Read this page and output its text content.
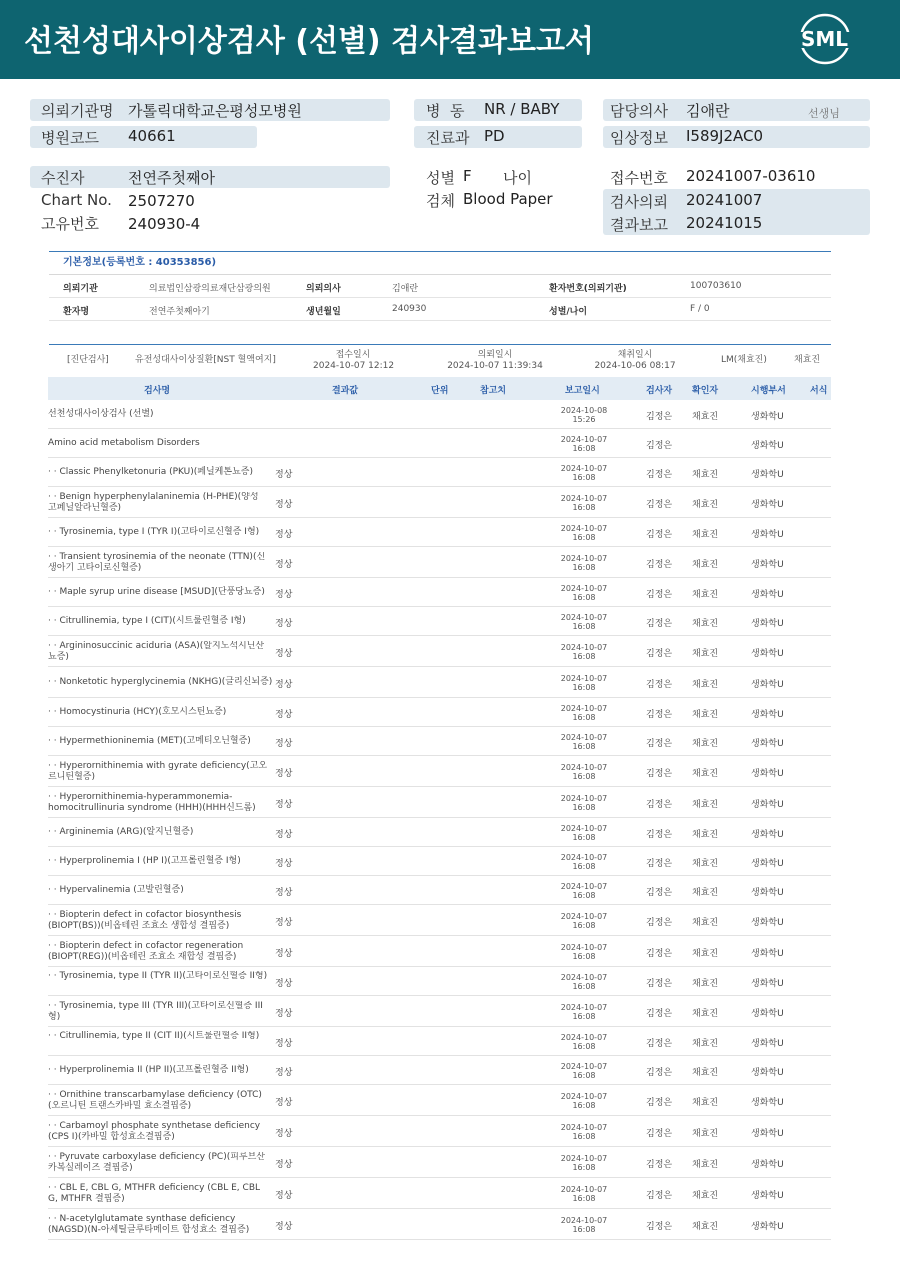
선천성대사이상검사 (선별) 검사결과보고서	SML
의뢰기관명 가톨릭대학교은평성모병원
병원코드 40661
병  동 NR / BABY
진료과 PD
담당의사 김애란	선생님
임상정보 I589J2AC0
수진자	전연주첫째아
Chart No. 2507270
고유번호 240930-4
성별 F 나이
검체 Blood Paper
접수번호 20241007-03610
검사의뢰 20241007
결과보고 20241015
기본정보(등록번호 : 40353856)
의뢰기관	의료법인삼광의료재단삼광의원	의뢰의사	김애란	환자번호(의뢰기관)	100703610
환자명	전연주첫째아기	생년월일	240930	성별/나이	F / 0
[진단검사]	유전성대사이상질환[NST 혈액여지]	접수일시
2024-10-07 12:12
의뢰일시
2024-10-07 11:39:34
채취일시
2024-10-06 08:17
LM(채효진)	채효진
검사명	결과값	단위	참고치	보고일시	검사자 확인자	시행부서	서식
선천성대사이상검사 (선별)	2024-10-08
15:26	김정은 채효진	생화학U
Amino acid metabolism Disorders	2024-10-07
16:08	김정은	생화학U
· · Classic Phenylketonuria (PKU)(페닐케톤뇨증)	정상
2024-10-07
16:08	김정은 채효진	생화학U
· · Benign hyperphenylalaninemia (H-PHE)(양성 고페닐알라닌혈증)	정상
2024-10-07
16:08	김정은 채효진	생화학U
· · Tyrosinemia, type I (TYR I)(고타이로신혈증 I형)	정상
2024-10-07
16:08	김정은 채효진	생화학U
· · Transient tyrosinemia of the neonate (TTN)(신생아기 고타이로신혈증)	정상
2024-10-07
16:08	김정은 채효진	생화학U
· · Maple syrup urine disease [MSUD](단풍당뇨증)	정상
2024-10-07
16:08	김정은 채효진	생화학U
· · Citrullinemia, type I (CIT)(시트룰린혈증 I형)	정상
2024-10-07
16:08	김정은 채효진	생화학U
· · Argininosuccinic aciduria (ASA)(알지노석시닌산뇨증)	정상
2024-10-07
16:08	김정은 채효진	생화학U
· · Nonketotic hyperglycinemia (NKHG)(글리신뇌증) 정상
2024-10-07
16:08	김정은 채효진	생화학U
· · Homocystinuria (HCY)(호모시스틴뇨증)	정상
2024-10-07
16:08	김정은 채효진	생화학U
· · Hypermethioninemia (MET)(고메티오닌혈증)	정상
2024-10-07
16:08	김정은 채효진	생화학U
· · Hyperornithinemia with gyrate deficiency(고오르니틴혈증)	정상
2024-10-07
16:08	김정은 채효진	생화학U
· · Hyperornithinemia-hyperammonemia-homocitrullinuria syndrome (HHH)(HHH신드롬)	정상
2024-10-07
16:08	김정은 채효진	생화학U
· · Argininemia (ARG)(알지닌혈증)	정상
2024-10-07
16:08	김정은 채효진	생화학U
· · Hyperprolinemia I (HP I)(고프롤린혈증 I형)	정상
2024-10-07
16:08	김정은 채효진	생화학U
· · Hypervalinemia (고발린혈증)	정상
2024-10-07
16:08	김정은 채효진	생화학U
· · Biopterin defect in cofactor biosynthesis (BIOPT(BS))(비옵테린 조효소 생합성 결핍증)	정상
2024-10-07
16:08	김정은 채효진	생화학U
· · Biopterin defect in cofactor regeneration (BIOPT(REG))(비옵테린 조효소 재합성 결핍증)	정상
2024-10-07
16:08	김정은 채효진	생화학U
· · Tyrosinemia, type II (TYR II)(고타이로신혈증 II형)
정상
2024-10-07
16:08	김정은 채효진	생화학U
· · Tyrosinemia, type III (TYR III)(고타이로신혈증 III형)	정상
2024-10-07
16:08	김정은 채효진	생화학U
· · Citrullinemia, type II (CIT II)(시트룰린혈증 II형)
정상
2024-10-07
16:08	김정은 채효진	생화학U
· · Hyperprolinemia II (HP II)(고프롤린혈증 II형)	정상
2024-10-07
16:08	김정은 채효진	생화학U
· · Ornithine transcarbamylase deficiency (OTC)(오르니틴 트랜스카바밀 효소결핍증)	정상
2024-10-07
16:08	김정은 채효진	생화학U
· · Carbamoyl phosphate synthetase deficiency (CPS I)(카바밀 합성효소결핍증)	정상
2024-10-07
16:08	김정은 채효진	생화학U
· · Pyruvate carboxylase deficiency (PC)(피루브산 카복실레이즈 결핍증)	정상
2024-10-07
16:08	김정은 채효진	생화학U
· · CBL E, CBL G, MTHFR deficiency (CBL E, CBL G, MTHFR 결핍증)	정상
2024-10-07
16:08	김정은 채효진	생화학U
· · N-acetylglutamate synthase deficiency (NAGSD)(N-아세틸글루타메이트 합성효소 결핍증)	정상
2024-10-07
16:08	김정은 채효진	생화학U
